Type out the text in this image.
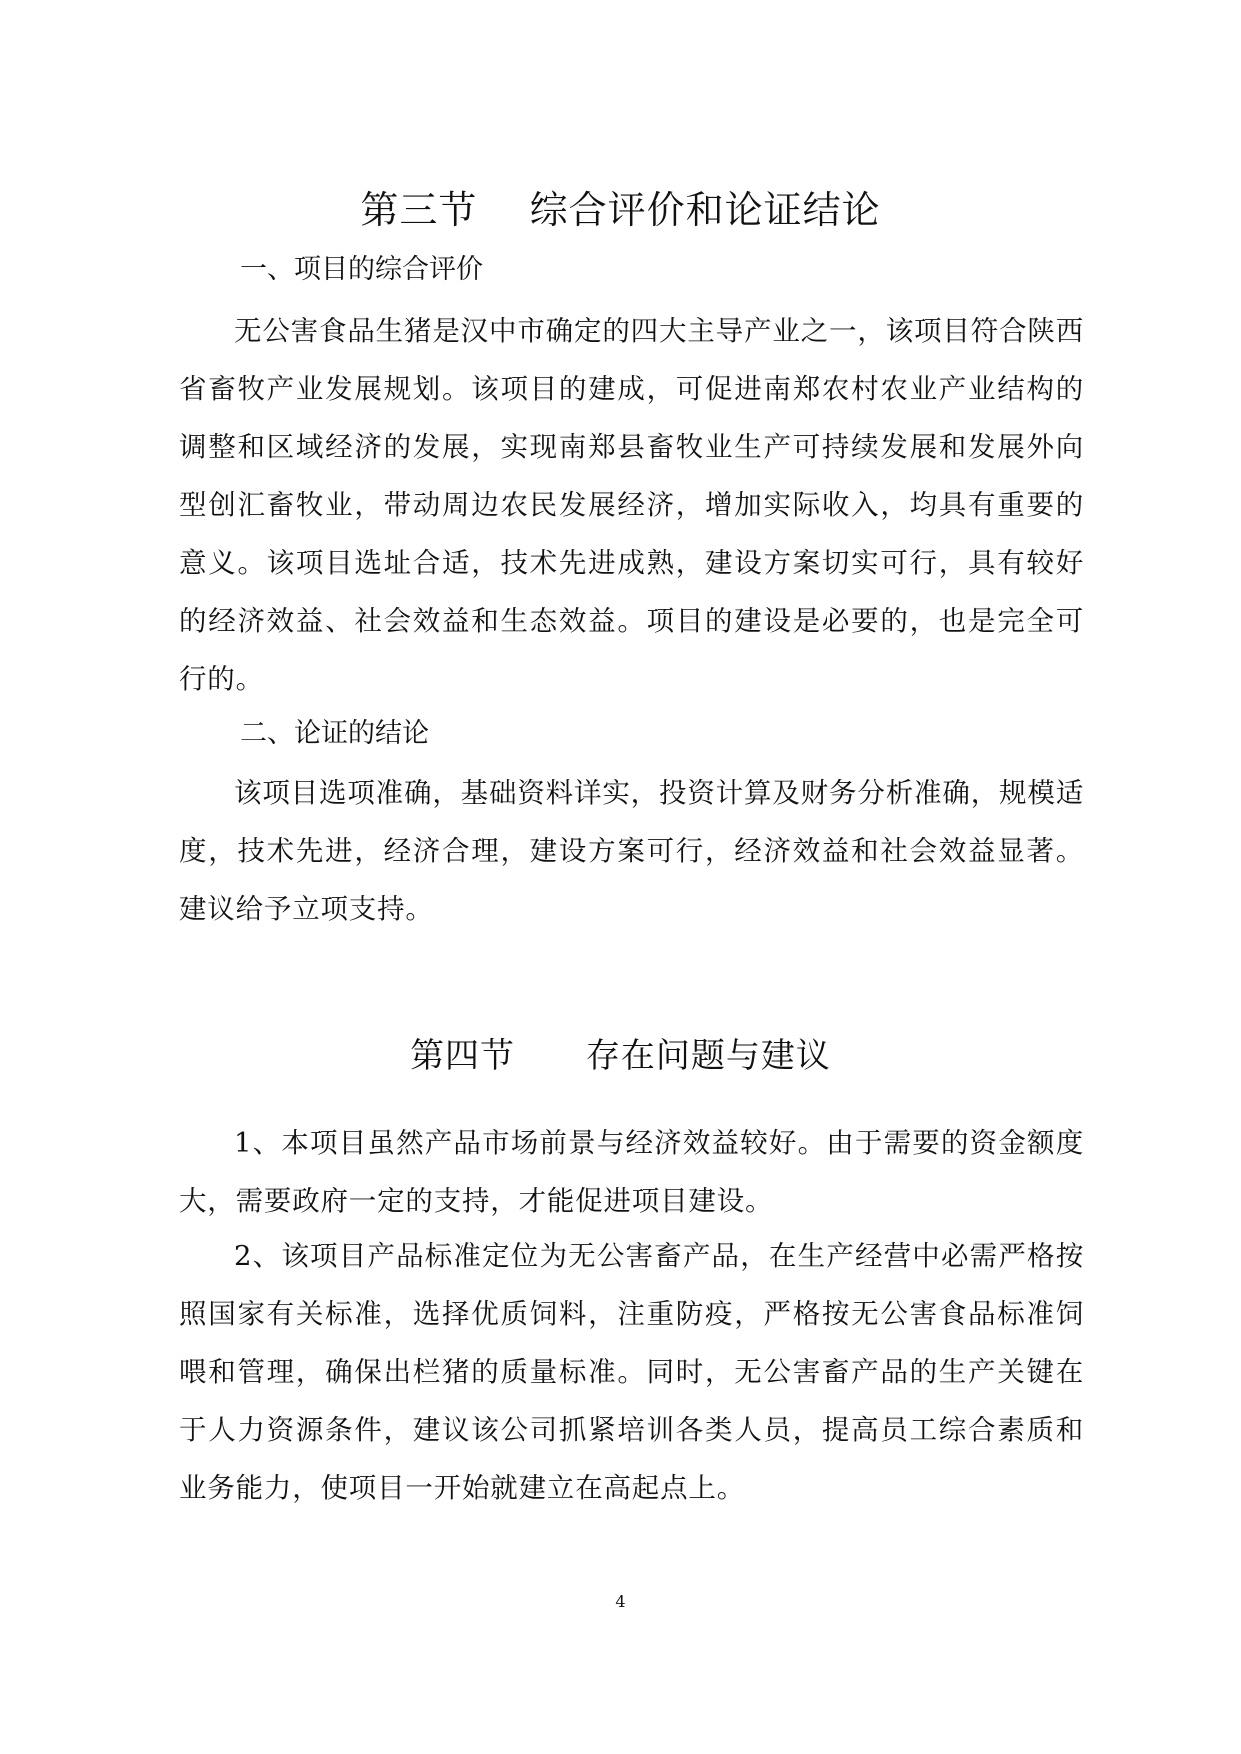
第三节    综合评价和论证结论
一、项目的综合评价

无公害食品生猪是汉中市确定的四大主导产业之一，该项目符合陕西省畜牧产业发展规划。该项目的建成，可促进南郑农村农业产业结构的调整和区域经济的发展，实现南郑县畜牧业生产可持续发展和发展外向型创汇畜牧业，带动周边农民发展经济，增加实际收入，均具有重要的意义。该项目选址合适，技术先进成熟，建设方案切实可行，具有较好的经济效益、社会效益和生态效益。项目的建设是必要的，也是完全可行的。

二、论证的结论

该项目选项准确，基础资料详实，投资计算及财务分析准确，规模适度，技术先进，经济合理，建设方案可行，经济效益和社会效益显著。建议给予立项支持。

第四节      存在问题与建议

1、本项目虽然产品市场前景与经济效益较好。由于需要的资金额度大，需要政府一定的支持，才能促进项目建设。

2、该项目产品标准定位为无公害畜产品，在生产经营中必需严格按照国家有关标准，选择优质饲料，注重防疫，严格按无公害食品标准饲喂和管理，确保出栏猪的质量标准。同时，无公害畜产品的生产关键在于人力资源条件，建议该公司抓紧培训各类人员，提高员工综合素质和业务能力，使项目一开始就建立在高起点上。

4
